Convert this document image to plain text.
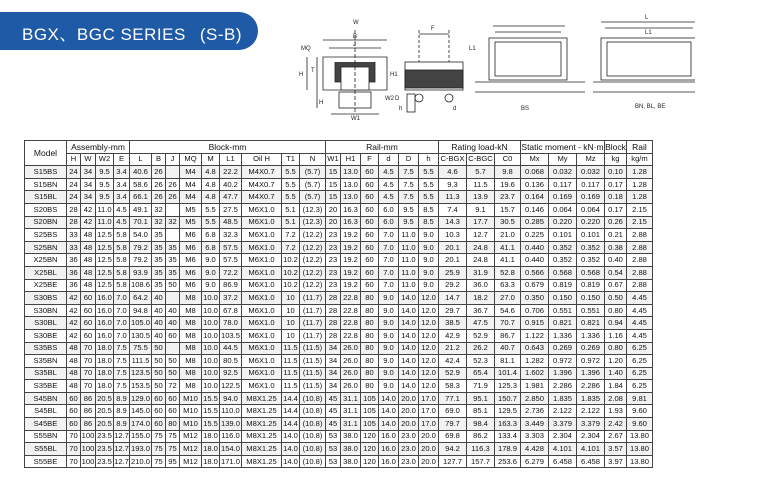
BGX、BGC SERIES (S-B)
MQ
W
B
J
H
T
H1
H
W2
W1
F
L1
d
D
h	BS
L
L1
BN, BL, BE
Model	Assembly-mm				Block-mm									Rail-mm						Rating load-kN			Static moment - kN·m			Block	Rail
	H	W	W2	E	L	B	J	MQ	M	L1	Oil H	T1	N	W1	H1	F	d	D	h	C-BGX	C-BGC	C0	Mx	My	Mz	kg	kg/m
S15BS	24	34	9.5	3.4	40.6	26		M4	4.8	22.2	M4X0.7	5.5	(5.7)	15	13.0	60	4.5	7.5	5.5	4.6	5.7	9.8	0.068	0.032	0.032	0.10	1.28
S15BN	24	34	9.5	3.4	58.6	26	26	M4	4.8	40.2	M4X0.7	5.5	(5.7)	15	13.0	60	4.5	7.5	5.5	9.3	11.5	19.6	0.136	0.117	0.117	0.17	1.28
S15BL	24	34	9.5	3.4	66.1	26	26	M4	4.8	47.7	M4X0.7	5.5	(5.7)	15	13.0	60	4.5	7.5	5.5	11.3	13.9	23.7	0.164	0.169	0.169	0.18	1.28
S20BS	28	42	11.0	4.5	49.1	32		M5	5.5	27.5	M6X1.0	5.1	(12.3)	20	16.3	60	6.0	9.5	8.5	7.4	9.1	15.7	0.146	0.064	0.064	0.17	2.15
S20BN	28	42	11.0	4.5	70.1	32	32	M5	5.5	48.5	M6X1.0	5.1	(12.3)	20	16.3	60	6.0	9.5	8.5	14.3	17.7	30.5	0.285	0.220	0.220	0.26	2.15
S25BS	33	48	12.5	5.8	54.0	35		M6	6.8	32.3	M6X1.0	7.2	(12.2)	23	19.2	60	7.0	11.0	9.0	10.3	12.7	21.0	0.225	0.101	0.101	0.21	2.88
S25BN	33	48	12.5	5.8	79.2	35	35	M6	6.8	57.5	M6X1.0	7.2	(12.2)	23	19.2	60	7.0	11.0	9.0	20.1	24.8	41.1	0.440	0.352	0.352	0.38	2.88
X25BN	36	48	12.5	5.8	79.2	35	35	M6	9.0	57.5	M6X1.0	10.2	(12.2)	23	19.2	60	7.0	11.0	9.0	20.1	24.8	41.1	0.440	0.352	0.352	0.40	2.88
X25BL	36	48	12.5	5.8	93.9	35	35	M6	9.0	72.2	M6X1.0	10.2	(12.2)	23	19.2	60	7.0	11.0	9.0	25.9	31.9	52.8	0.566	0.568	0.568	0.54	2.88
X25BE	36	48	12.5	5.8	108.6	35	50	M6	9.0	86.9	M6X1.0	10.2	(12.2)	23	19.2	60	7.0	11.0	9.0	29.2	36.0	63.3	0.679	0.819	0.819	0.67	2.88
S30BS	42	60	16.0	7.0	64.2	40		M8	10.0	37.2	M6X1.0	10	(11.7)	28	22.8	80	9.0	14.0	12.0	14.7	18.2	27.0	0.350	0.150	0.150	0.50	4.45
S30BN	42	60	16.0	7.0	94.8	40	40	M8	10.0	67.8	M6X1.0	10	(11.7)	28	22.8	80	9.0	14.0	12.0	29.7	36.7	54.6	0.706	0.551	0.551	0.80	4.45
S30BL	42	60	16.0	7.0	105.0	40	40	M8	10.0	78.0	M6X1.0	10	(11.7)	28	22.8	80	9.0	14.0	12.0	38.5	47.5	70.7	0.915	0.821	0.821	0.94	4.45
S30BE	42	60	16.0	7.0	130.5	40	60	M8	10.0	103.5	M6X1.0	10	(11.7)	28	22.8	80	9.0	14.0	12.0	42.9	52.9	86.7	1.122	1.336	1.336	1.16	4.45
S35BS	48	70	18.0	7.5	75.5	50		M8	10.0	44.5	M6X1.0	11.5	(11.5)	34	26.0	80	9.0	14.0	12.0	21.2	26.2	40.7	0.643	0.269	0.269	0.80	6.25
S35BN	48	70	18.0	7.5	111.5	50	50	M8	10.0	80.5	M6X1.0	11.5	(11.5)	34	26.0	80	9.0	14.0	12.0	42.4	52.3	81.1	1.282	0.972	0.972	1.20	6.25
S35BL	48	70	18.0	7.5	123.5	50	50	M8	10.0	92.5	M6X1.0	11.5	(11.5)	34	26.0	80	9.0	14.0	12.0	52.9	65.4	101.4	1.602	1.396	1.396	1.40	6.25
S35BE	48	70	18.0	7.5	153.5	50	72	M8	10.0	122.5	M6X1.0	11.5	(11.5)	34	26.0	80	9.0	14.0	12.0	58.3	71.9	125.3	1.981	2.286	2.286	1.84	6.25
S45BN	60	86	20.5	8.9	129.0	60	60	M10	15.5	94.0	M8X1.25	14.4	(10.8)	45	31.1	105	14.0	20.0	17.0	77.1	95.1	150.7	2.850	1.835	1.835	2.08	9.81
S45BL	60	86	20.5	8.9	145.0	60	60	M10	15.5	110.0	M8X1.25	14.4	(10.8)	45	31.1	105	14.0	20.0	17.0	69.0	85.1	129.5	2.736	2.122	2.122	1.93	9.60
S45BE	60	86	20.5	8.9	174.0	60	80	M10	15.5	139.0	M8X1.25	14.4	(10.8)	45	31.1	105	14.0	20.0	17.0	79.7	98.4	163.3	3.449	3.379	3.379	2.42	9.60
S55BN	70	100	23.5	12.7	155.0	75	75	M12	18.0	116.0	M8X1.25	14.0	(10.8)	53	38.0	120	16.0	23.0	20.0	69.8	86.2	133.4	3.303	2.304	2.304	2.67	13.80
S55BL	70	100	23.5	12.7	193.0	75	75	M12	18.0	154.0	M8X1.25	14.0	(10.8)	53	38.0	120	16.0	23.0	20.0	94.2	116.3	178.9	4.428	4.101	4.101	3.57	13.80
S55BE	70	100	23.5	12.7	210.0	75	95	M12	18.0	171.0	M8X1.25	14.0	(10.8)	53	38.0	120	16.0	23.0	20.0	127.7	157.7	253.6	6.279	6.458	6.458	3.97	13.80
